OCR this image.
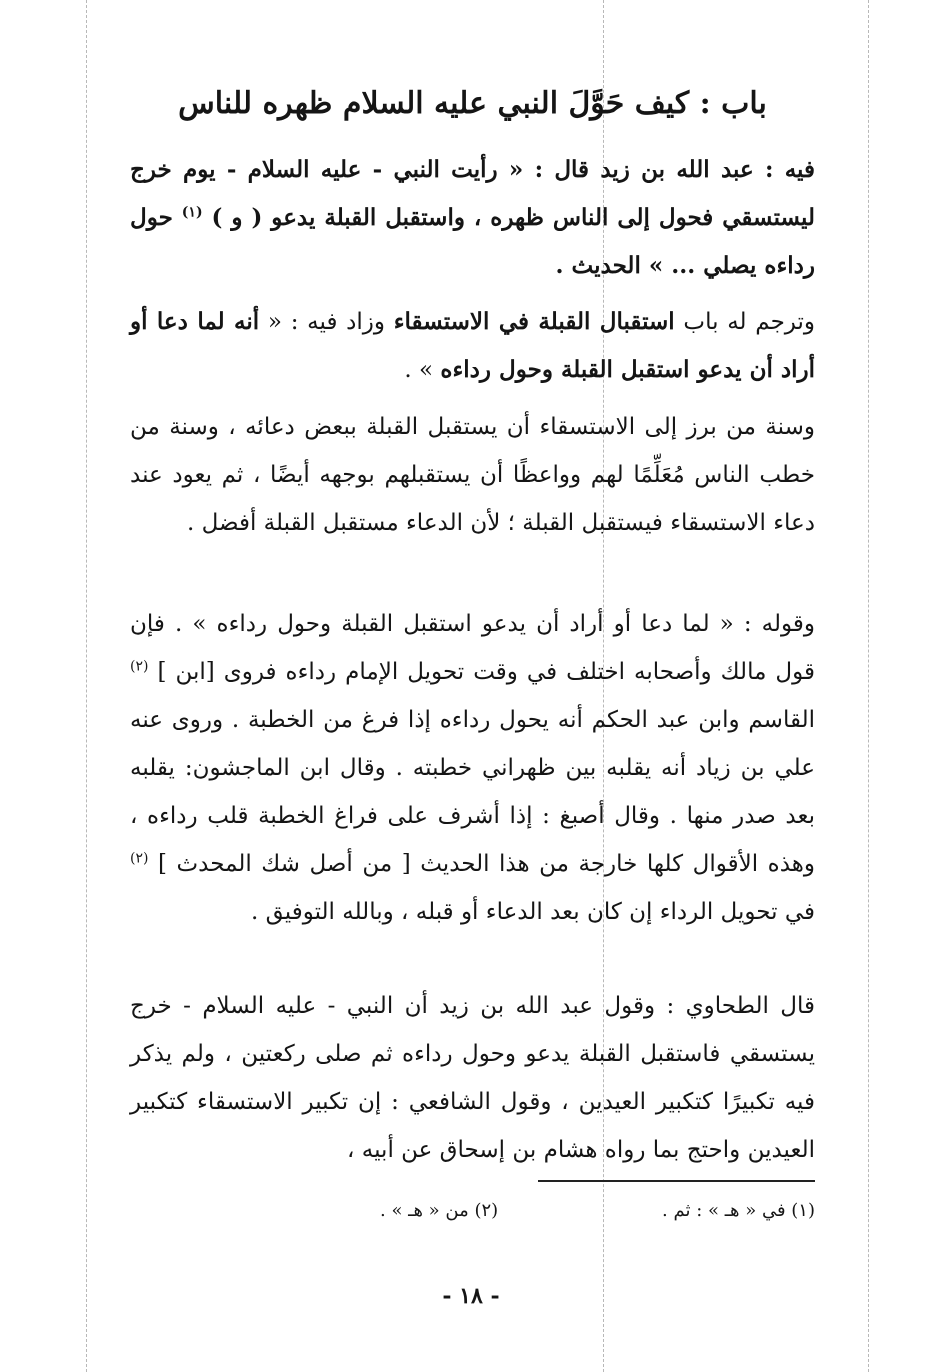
باب : كيف حَوَّلَ النبي عليه السلام ظهره للناس
فيه : عبد الله بن زيد قال : « رأيت النبي - عليه السلام - يوم خرج ليستسقي فحول إلى الناس ظهره ، واستقبل القبلة يدعو ( و ) $^{(١)}$ حول رداءه يصلي ... » الحديث .
وترجم له باب استقبال القبلة في الاستسقاء وزاد فيه : « أنه لما دعا أو أراد أن يدعو استقبل القبلة وحول رداءه » .
وسنة من برز إلى الاستسقاء أن يستقبل القبلة ببعض دعائه ، وسنة من خطب الناس مُعَلِّمًا لهم وواعظًا أن يستقبلهم بوجهه أيضًا ، ثم يعود عند دعاء الاستسقاء فيستقبل القبلة ؛ لأن الدعاء مستقبل القبلة أفضل .
وقوله : « لما دعا أو أراد أن يدعو استقبل القبلة وحول رداءه » . فإن قول مالك وأصحابه اختلف في وقت تحويل الإمام رداءه فروى [ابن ] $^{(٢)}$ القاسم وابن عبد الحكم أنه يحول رداءه إذا فرغ من الخطبة . وروى عنه علي بن زياد أنه يقلبه بين ظهراني خطبته . وقال ابن الماجشون: يقلبه بعد صدر منها . وقال أصبغ : إذا أشرف على فراغ الخطبة قلب رداءه ، وهذه الأقوال كلها خارجة من هذا الحديث [ من أصل شك المحدث ] $^{(٢)}$ في تحويل الرداء إن كان بعد الدعاء أو قبله ، وبالله التوفيق .
قال الطحاوي : وقول عبد الله بن زيد أن النبي - عليه السلام - خرج يستسقي فاستقبل القبلة يدعو وحول رداءه ثم صلى ركعتين ، ولم يذكر فيه تكبيرًا كتكبير العيدين ، وقول الشافعي : إن تكبير الاستسقاء كتكبير العيدين واحتج بما رواه هشام بن إسحاق عن أبيه ،
(١) في « هـ » : ثم .
(٢) من « هـ » .
- ١٨ -
